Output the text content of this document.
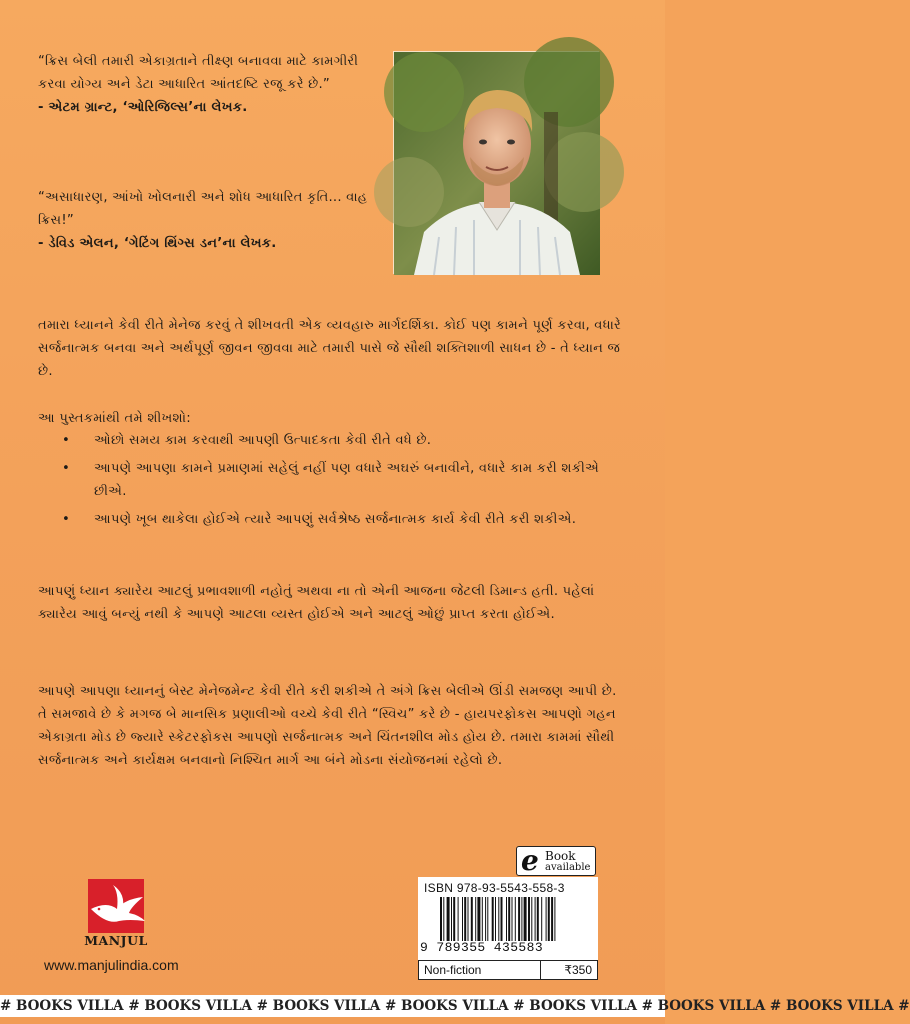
“ક્રિસ બેલી તમારી એકાગ્રતાને તીક્ષ્ણ બનાવવા માટે કામગીરી કરવા યોગ્ય અને ડેટા આધારિત આંતદષ્ટિ રજૂ કરે છે.”
- એટમ ગ્રાન્ટ, ‘ઓરિજિલ્સ’ના લેખક.
“અસાધારણ, આંખો ખોલનારી અને શોધ આધારિત કૃતિ... વાહ ક્રિસ!”
- ડેવિડ એલન, ‘ગેટિંગ થિંગ્સ ડન’ના લેખક.
તમારા ધ્યાનને કેવી રીતે મેનેજ કરવું તે શીખવતી એક વ્યવહારુ માર્ગદર્શિકા. કોઈ પણ કામને પૂર્ણ કરવા, વધારે સર્જનાત્મક બનવા અને અર્થપૂર્ણ જીવન જીવવા માટે તમારી પાસે જે સૌથી શક્તિશાળી સાધન છે - તે ધ્યાન જ છે.
આ પુસ્તકમાંથી તમે શીખશો:
• ઓછો સમય કામ કરવાથી આપણી ઉત્પાદકતા કેવી રીતે વધે છે.
• આપણે આપણા કામને પ્રમાણમાં સહેલું નહીં પણ વધારે અઘરું બનાવીને, વધારે કામ કરી શકીએ છીએ.
• આપણે ખૂબ થાકેલા હોઈએ ત્યારે આપણું સર્વશ્રેષ્ઠ સર્જનાત્મક કાર્ય કેવી રીતે કરી શકીએ.
આપણું ધ્યાન ક્યારેય આટલું પ્રભાવશાળી નહોતું અથવા ના તો એની આજના જેટલી ડિમાન્ડ હતી. પહેલાં ક્યારેય આવું બન્યું નથી કે આપણે આટલા વ્યસ્ત હોઈએ અને આટલું ઓછું પ્રાપ્ત કરતા હોઈએ.
આપણે આપણા ધ્યાનનું બેસ્ટ મેનેજમેન્ટ કેવી રીતે કરી શકીએ તે અંગે ક્રિસ બેલીએ ઊંડી સમજણ આપી છે. તે સમજાવે છે કે મગજ બે માનસિક પ્રણાલીઓ વચ્ચે કેવી રીતે “સ્વિચ” કરે છે - હાયપરફોકસ આપણો ગહન એકાગ્રતા મોડ છે જ્યારે સ્કેટરફોકસ આપણો સર્જનાત્મક અને ચિંતનશીલ મોડ હોય છે. તમારા કામમાં સૌથી સર્જનાત્મક અને કાર્યક્ષમ બનવાનો નિશ્ચિત માર્ગ આ બંને મોડના સંયોજનમાં રહેલો છે.
MANJUL
www.manjulindia.com
e Book
available
ISBN 978-93-5543-558-3
9 789355 435583
Non-fiction	₹350
# BOOKS VILLA # BOOKS VILLA # BOOKS VILLA # BOOKS VILLA # BOOKS VILLA # BOOKS VILLA # BOOKS VILLA #
